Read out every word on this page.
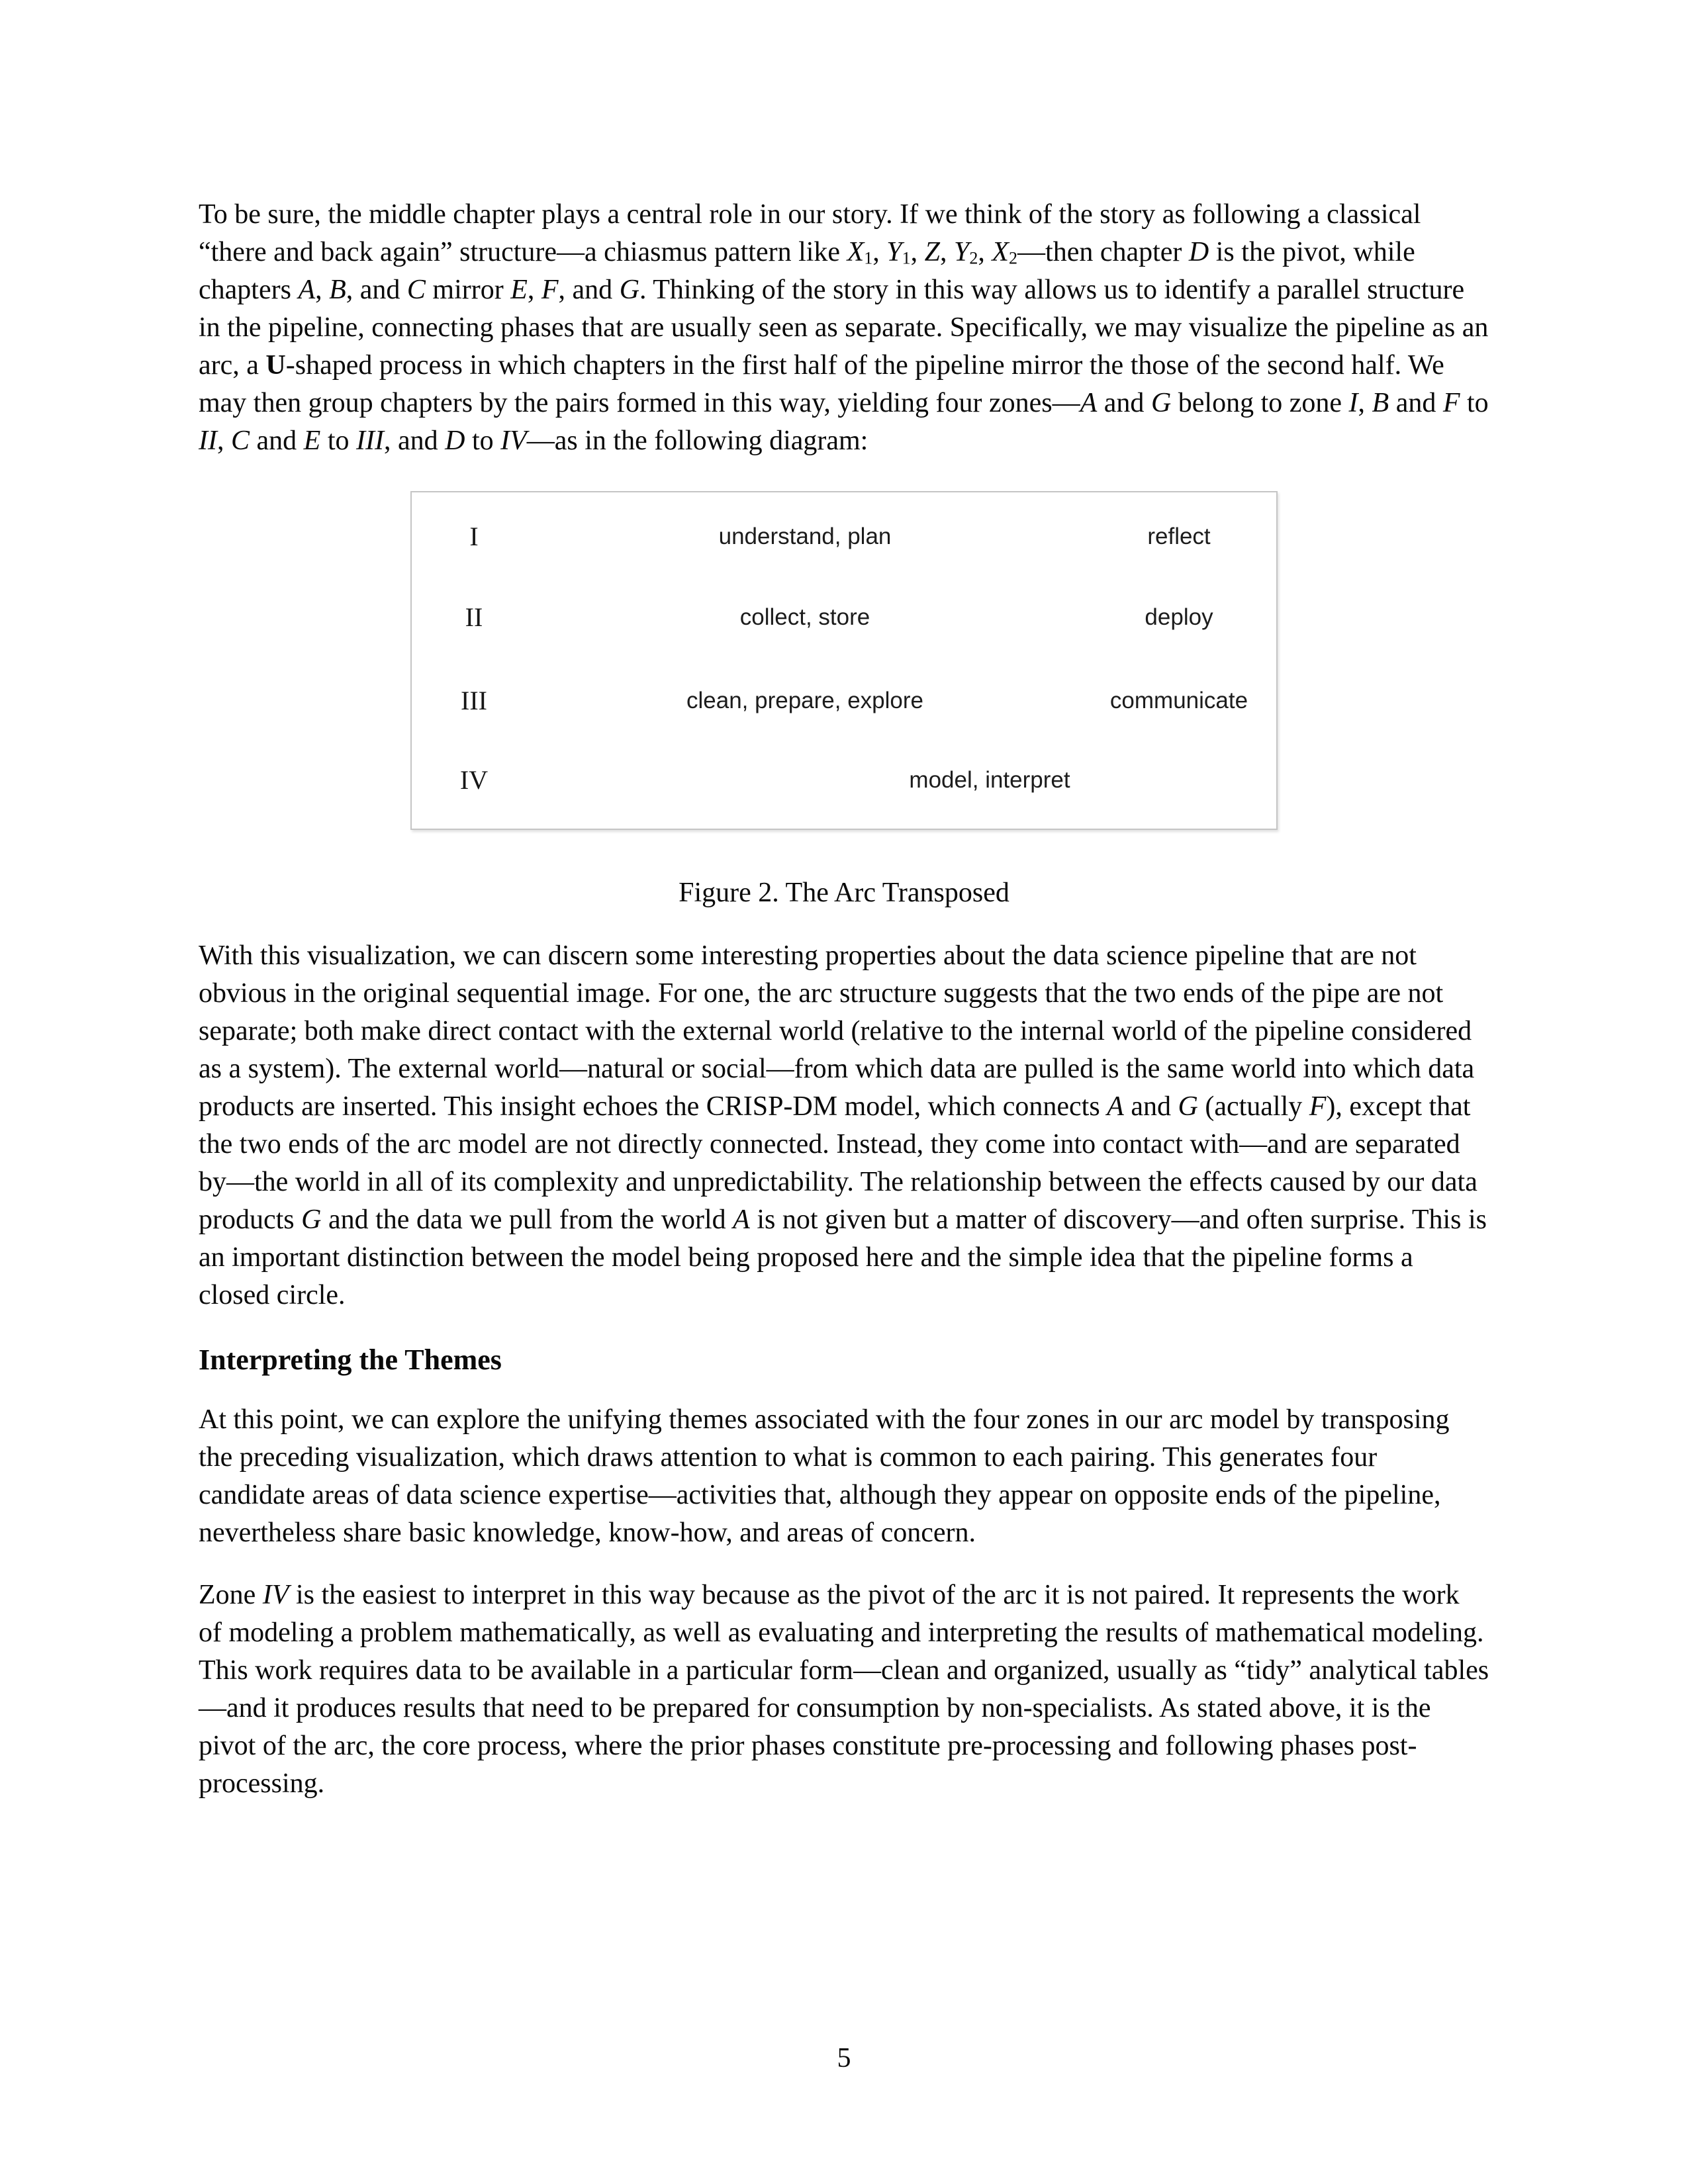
To be sure, the middle chapter plays a central role in our story. If we think of the story as following a classical “there and back again” structure—a chiasmus pattern like X1, Y1, Z, Y2, X2—then chapter D is the pivot, while chapters A, B, and C mirror E, F, and G. Thinking of the story in this way allows us to identify a parallel structure in the pipeline, connecting phases that are usually seen as separate. Specifically, we may visualize the pipeline as an arc, a U-shaped process in which chapters in the first half of the pipeline mirror the those of the second half. We may then group chapters by the pairs formed in this way, yielding four zones—A and G belong to zone I, B and F to II, C and E to III, and D to IV—as in the following diagram:

I	understand, plan	reflect
II	collect, store	deploy
III	clean, prepare, explore	communicate
IV	model, interpret
Figure 2. The Arc Transposed

With this visualization, we can discern some interesting properties about the data science pipeline that are not obvious in the original sequential image. For one, the arc structure suggests that the two ends of the pipe are not separate; both make direct contact with the external world (relative to the internal world of the pipeline considered as a system). The external world—natural or social—from which data are pulled is the same world into which data products are inserted. This insight echoes the CRISP-DM model, which connects A and G (actually F), except that the two ends of the arc model are not directly connected. Instead, they come into contact with—and are separated by—the world in all of its complexity and unpredictability. The relationship between the effects caused by our data products G and the data we pull from the world A is not given but a matter of discovery—and often surprise. This is an important distinction between the model being proposed here and the simple idea that the pipeline forms a closed circle.

Interpreting the Themes

At this point, we can explore the unifying themes associated with the four zones in our arc model by transposing the preceding visualization, which draws attention to what is common to each pairing. This generates four candidate areas of data science expertise—activities that, although they appear on opposite ends of the pipeline, nevertheless share basic knowledge, know-how, and areas of concern.

Zone IV is the easiest to interpret in this way because as the pivot of the arc it is not paired. It represents the work of modeling a problem mathematically, as well as evaluating and interpreting the results of mathematical modeling. This work requires data to be available in a particular form—clean and organized, usually as “tidy” analytical tables—and it produces results that need to be prepared for consumption by non-specialists. As stated above, it is the pivot of the arc, the core process, where the prior phases constitute pre-processing and following phases post-processing.

5
